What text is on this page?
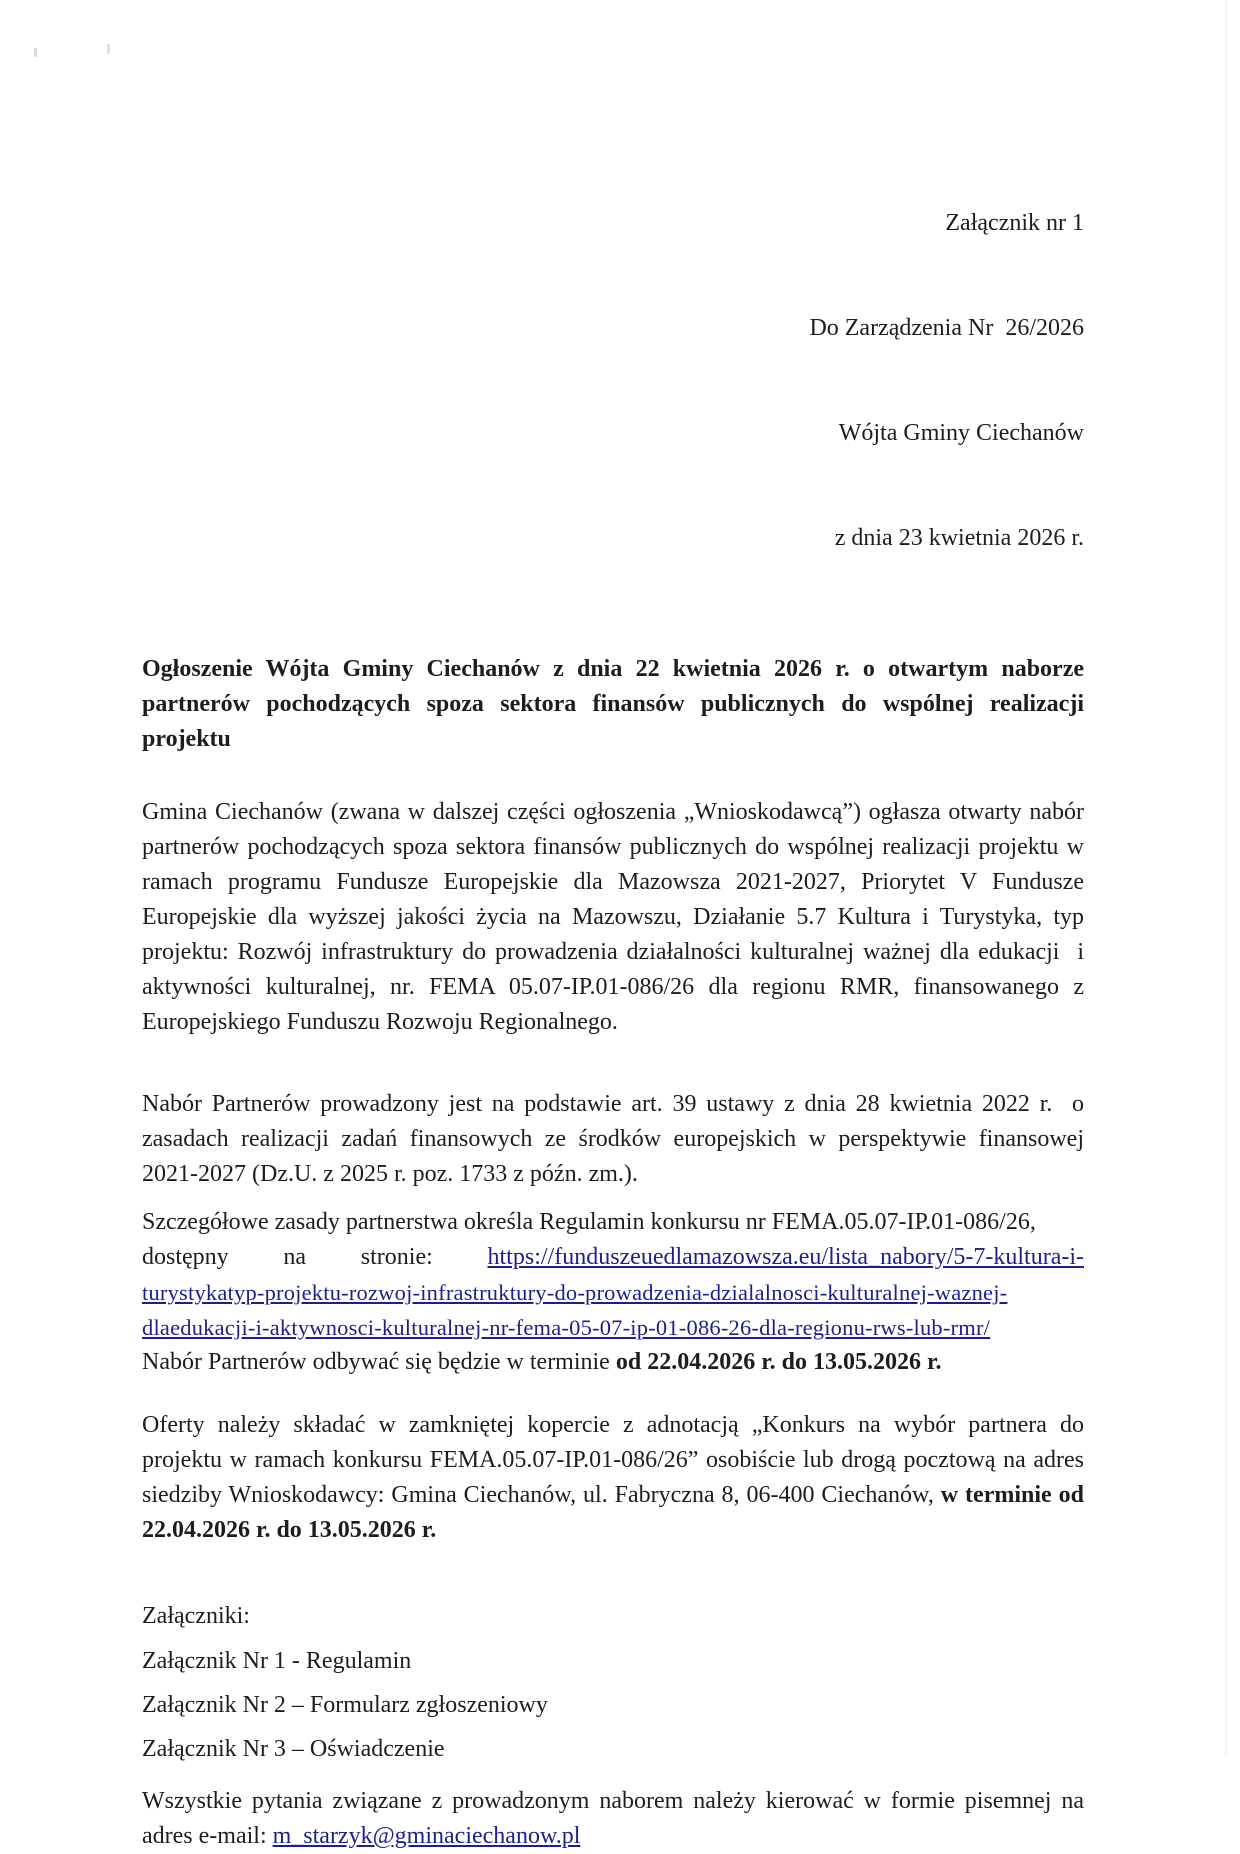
Załącznik nr 1

Do Zarządzenia Nr  26/2026

Wójta Gminy Ciechanów

z dnia 23 kwietnia 2026 r.

Ogłoszenie Wójta Gminy Ciechanów z dnia 22 kwietnia 2026 r. o otwartym naborze partnerów pochodzących spoza sektora finansów publicznych do wspólnej realizacji projektu
Gmina Ciechanów (zwana w dalszej części ogłoszenia „Wnioskodawcą”) ogłasza otwarty nabór partnerów pochodzących spoza sektora finansów publicznych do wspólnej realizacji projektu w ramach programu Fundusze Europejskie dla Mazowsza 2021-2027, Priorytet V Fundusze Europejskie dla wyższej jakości życia na Mazowszu, Działanie 5.7 Kultura i Turystyka, typ projektu: Rozwój infrastruktury do prowadzenia działalności kulturalnej ważnej dla edukacji  i aktywności kulturalnej, nr. FEMA 05.07-IP.01-086/26 dla regionu RMR, finansowanego z Europejskiego Funduszu Rozwoju Regionalnego.
Nabór Partnerów prowadzony jest na podstawie art. 39 ustawy z dnia 28 kwietnia 2022 r.  o zasadach realizacji zadań finansowych ze środków europejskich w perspektywie finansowej 2021-2027 (Dz.U. z 2025 r. poz. 1733 z późn. zm.).
Szczegółowe zasady partnerstwa określa Regulamin konkursu nr FEMA.05.07-IP.01-086/26,
dostępny na stronie: https://funduszeuedlamazowsza.eu/lista_nabory/5-7-kultura-i-
turystykatyp-projektu-rozwoj-infrastruktury-do-prowadzenia-dzialalnosci-kulturalnej-waznej-
dlaedukacji-i-aktywnosci-kulturalnej-nr-fema-05-07-ip-01-086-26-dla-regionu-rws-lub-rmr/
Nabór Partnerów odbywać się będzie w terminie od 22.04.2026 r. do 13.05.2026 r.
Oferty należy składać w zamkniętej kopercie z adnotacją „Konkurs na wybór partnera do projektu w ramach konkursu FEMA.05.07-IP.01-086/26” osobiście lub drogą pocztową na adres siedziby Wnioskodawcy: Gmina Ciechanów, ul. Fabryczna 8, 06-400 Ciechanów, w terminie od 22.04.2026 r. do 13.05.2026 r.
Załączniki:
Załącznik Nr 1 - Regulamin
Załącznik Nr 2 – Formularz zgłoszeniowy
Załącznik Nr 3 – Oświadczenie
Wszystkie pytania związane z prowadzonym naborem należy kierować w formie pisemnej na adres e-mail: m_starzyk@gminaciechanow.pl
